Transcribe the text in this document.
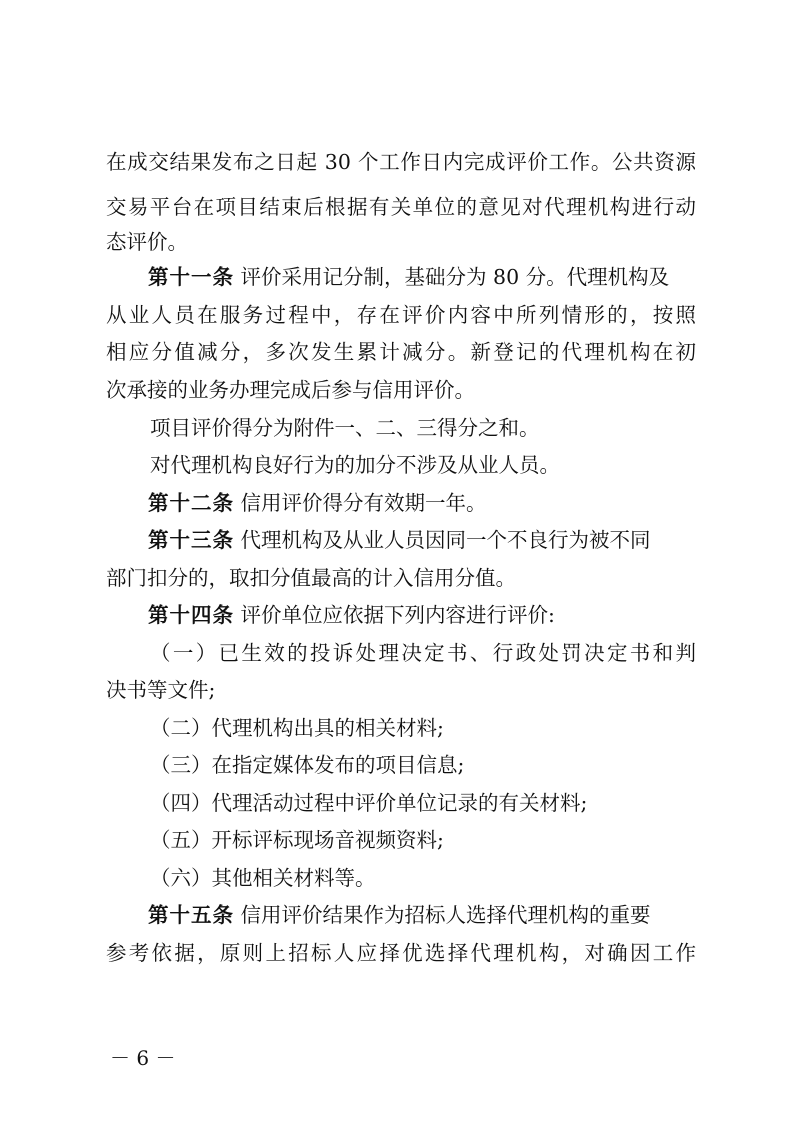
在成交结果发布之日起 30 个工作日内完成评价工作。公共资源
交易平台在项目结束后根据有关单位的意见对代理机构进行动
态评价。
第十一条 评价采用记分制，基础分为 80 分。代理机构及
从业人员在服务过程中，存在评价内容中所列情形的，按照
相应分值减分，多次发生累计减分。新登记的代理机构在初
次承接的业务办理完成后参与信用评价。
项目评价得分为附件一、二、三得分之和。
对代理机构良好行为的加分不涉及从业人员。
第十二条 信用评价得分有效期一年。
第十三条 代理机构及从业人员因同一个不良行为被不同
部门扣分的，取扣分值最高的计入信用分值。
第十四条 评价单位应依据下列内容进行评价:
（一）已生效的投诉处理决定书、行政处罚决定书和判
决书等文件;
（二）代理机构出具的相关材料;
（三）在指定媒体发布的项目信息;
（四）代理活动过程中评价单位记录的有关材料;
（五）开标评标现场音视频资料;
（六）其他相关材料等。
第十五条 信用评价结果作为招标人选择代理机构的重要
参考依据，原则上招标人应择优选择代理机构，对确因工作
－ 6 －
